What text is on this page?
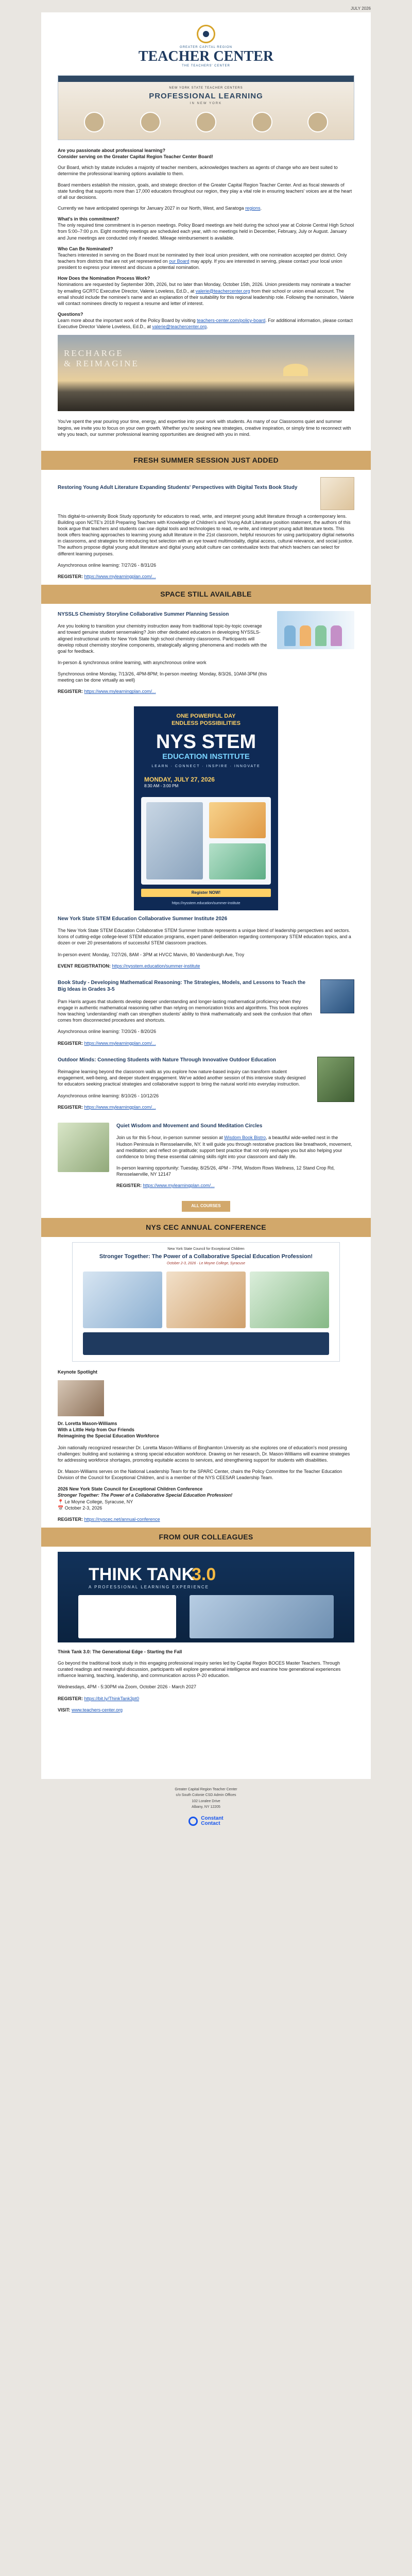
JULY 2026
GREATER CAPITAL REGION
TEACHER CENTER
THE TEACHERS' CENTER
NEW YORK STATE TEACHER CENTERS
PROFESSIONAL LEARNING
IN NEW YORK

Are you passionate about professional learning?
Consider serving on the Greater Capital Region Teacher Center Board!

Our Board, which by statute includes a majority of teacher members, acknowledges teachers as agents of change who are best suited to determine the professional learning options available to them.

Board members establish the mission, goals, and strategic direction of the Greater Capital Region Teacher Center. And as fiscal stewards of state funding that supports more than 17,000 educators throughout our region, they play a vital role in ensuring teachers' voices are at the heart of all our decisions.

Currently we have anticipated openings for January 2027 in our North, West, and Saratoga regions.

What's in this commitment?
The only required time commitment is in-person meetings. Policy Board meetings are held during the school year at Colonie Central High School from 5:00–7:00 p.m. Eight monthly meetings are scheduled each year, with no meetings held in December, February, July or August. January and June meetings are conducted only if needed. Mileage reimbursement is available.

Who Can Be Nominated?
Teachers interested in serving on the Board must be nominated by their local union president, with one nomination accepted per district. Only teachers from districts that are not yet represented on our Board may apply. If you are interested in serving, please contact your local union president to express your interest and discuss a potential nomination.

How Does the Nomination Process Work?
Nominations are requested by September 30th, 2026, but no later than Monday, October 15th, 2026. Union presidents may nominate a teacher by emailing GCRTC Executive Director, Valerie Loveless, Ed.D., at valerie@teachercenter.org from their school or union email account. The email should include the nominee's name and an explanation of their suitability for this regional leadership role. Following the nomination, Valerie will contact nominees directly to request a resume and letter of interest.

Questions?
Learn more about the important work of the Policy Board by visiting teachers-center.com/policy-board. For additional information, please contact Executive Director Valerie Loveless, Ed.D., at valerie@teachercenter.org.

RECHARGE
& REIMAGINE

You've spent the year pouring your time, energy, and expertise into your work with students. As many of our Classrooms quiet and summer begins, we invite you to focus on your own growth. Whether you're seeking new strategies, creative inspiration, or simply time to reconnect with why you teach, our summer professional learning opportunities are designed with you in mind.

FRESH SUMMER SESSION JUST ADDED
Restoring Young Adult Literature Expanding Students' Perspectives with Digital Texts Book Study

This digital-to-university Book Study opportunity for educators to read, write, and interpret young adult literature through a contemporary lens. Building upon NCTE's 2018 Preparing Teachers with Knowledge of Children's and Young Adult Literature position statement, the authors of this book argue that teachers and students can use digital tools and technologies to read, re-write, and interpret young adult literature texts. This book offers teaching approaches to learning young adult literature in the 21st classroom, helpful resources for using participatory digital networks in classrooms, and strategies for introducing text selection with an eye toward multimodality, digital access, cultural relevance, and social justice. The authors propose digital young adult literature and digital young adult culture can contextualize texts that which teachers can select for different learning purposes.

Asynchronous online learning: 7/27/26 - 8/31/26

REGISTER: https://www.mylearningplan.com/...

SPACE STILL AVAILABLE

NYSSLS Chemistry Storyline Collaborative Summer Planning Session

Are you looking to transition your chemistry instruction away from traditional topic-by-topic coverage and toward genuine student sensemaking? Join other dedicated educators in developing NYSSLS-aligned instructional units for New York State high school chemistry classrooms. Participants will develop robust chemistry storyline components, strategically aligning phenomena and models with the goal for feedback.

In-person & synchronous online learning, with asynchronous online work

Synchronous online Monday, 7/13/26, 4PM-8PM; In-person meeting: Monday, 8/3/26, 10AM-3PM (this meeting can be done virtually as well)

REGISTER: https://www.mylearningplan.com/...

ONE POWERFUL DAY
ENDLESS POSSIBILITIES
NYS STEM
EDUCATION INSTITUTE
LEARN · CONNECT · INSPIRE · INNOVATE
MONDAY, JULY 27, 2026
8:30 AM - 3:00 PM
Register NOW!
https://nysstem.education/summer-institute

New York State STEM Education Collaborative Summer Institute 2026

The New York State STEM Education Collaborative STEM Summer Institute represents a unique blend of leadership perspectives and sectors. Icons of cutting-edge college-level STEM education programs, expert panel deliberation regarding contemporary STEM education topics, and a dozen or over 20 presentations of successful STEM classroom practices.

In-person event: Monday, 7/27/26, 8AM - 3PM at HVCC Marvin, 80 Vandenburgh Ave, Troy

EVENT REGISTRATION: https://nysstem.education/summer-institute

Book Study - Developing Mathematical Reasoning: The Strategies, Models, and Lessons to Teach the Big Ideas in Grades 3-5

Pam Harris argues that students develop deeper understanding and longer-lasting mathematical proficiency when they engage in authentic mathematical reasoning rather than relying on memorization tricks and algorithms. This book explores how teaching 'understanding' math can strengthen students' ability to think mathematically and seek the confusion that often comes from disconnected procedures and shortcuts.

Asynchronous online learning: 7/20/26 - 8/20/26

REGISTER: https://www.mylearningplan.com/...

Outdoor Minds: Connecting Students with Nature Through Innovative Outdoor Education

Reimagine learning beyond the classroom walls as you explore how nature-based inquiry can transform student engagement, well-being, and deeper student engagement. We've added another session of this intensive study designed for educators seeking practical strategies and collaborative support to bring the natural world into everyday instruction.

Asynchronous online learning: 8/10/26 - 10/12/26

REGISTER: https://www.mylearningplan.com/...

Quiet Wisdom and Movement and Sound Meditation Circles

Join us for this 5-hour, in-person summer session at Wisdom Book Bistro, a beautiful wide-welled nest in the Hudson Peninsula in Rensselaerville, NY. It will guide you through restorative practices like breathwork, movement, and meditation; and reflect on gratitude; support best practice that not only reshapes you but also helping your confidence to bring these essential calming skills right into your classroom and daily life.

In-person learning opportunity: Tuesday, 8/25/26, 4PM - 7PM, Wisdom Rows Wellness, 12 Stand Crop Rd, Rensselaerville, NY 12147

REGISTER: https://www.mylearningplan.com/...

ALL COURSES
NYS CEC ANNUAL CONFERENCE
New York State Council for Exceptional Children
Stronger Together: The Power of a Collaborative Special Education Profession!
October 2-3, 2026 · Le Moyne College, Syracuse

Keynote Spotlight

Dr. Loretta Mason-Williams
With a Little Help from Our Friends
Reimagining the Special Education Workforce

Join nationally recognized researcher Dr. Loretta Mason-Williams of Binghamton University as she explores one of education's most pressing challenges: building and sustaining a strong special education workforce. Drawing on her research, Dr. Mason-Williams will examine strategies for addressing workforce shortages, promoting equitable access to services, and strengthening support for students with disabilities.

Dr. Mason-Williams serves on the National Leadership Team for the SPARC Center, chairs the Policy Committee for the Teacher Education Division of the Council for Exceptional Children, and is a member of the NYS CEESAR Leadership Team.

2026 New York State Council for Exceptional Children Conference
Stronger Together: The Power of a Collaborative Special Education Profession!
📍 Le Moyne College, Syracuse, NY
📅 October 2-3, 2026

REGISTER: https://nyscec.net/annual-conference

FROM OUR COLLEAGUES
THINK TANK
3.0
A PROFESSIONAL LEARNING EXPERIENCE

Think Tank 3.0: The Generational Edge - Starting the Fall

Go beyond the traditional book study in this engaging professional inquiry series led by Capital Region BOCES Master Teachers. Through curated readings and meaningful discussion, participants will explore generational intelligence and examine how generational experiences influence learning, teaching, leadership, and communication across P-20 education.

Wednesdays, 4PM - 5:30PM via Zoom, October 2026 - March 2027

REGISTER: https://bit.ly/ThinkTank3pt0

VISIT: www.teachers-center.org

Greater Capital Region Teacher Center
c/o South Colonie CSD Admin Offices
102 Loralee Drive
Albany, NY 12205
Constant
Contact
